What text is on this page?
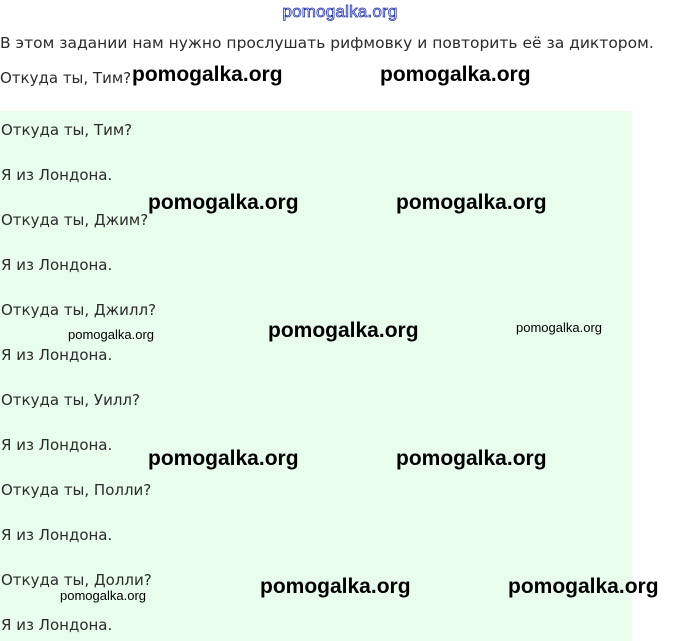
pomogalka.org
В этом задании нам нужно прослушать рифмовку и повторить её за диктором.
Откуда ты, Тим?
Откуда ты, Тим?
Я из Лондона.
Откуда ты, Джим?
Я из Лондона.
Откуда ты, Джилл?
Я из Лондона.
Откуда ты, Уилл?
Я из Лондона.
Откуда ты, Полли?
Я из Лондона.
Откуда ты, Долли?
Я из Лондона.
pomogalka.org	pomogalka.org
pomogalka.org	pomogalka.org
pomogalka.org	pomogalka.org	pomogalka.org
pomogalka.org	pomogalka.org
pomogalka.org	pomogalka.org
pomogalka.org
